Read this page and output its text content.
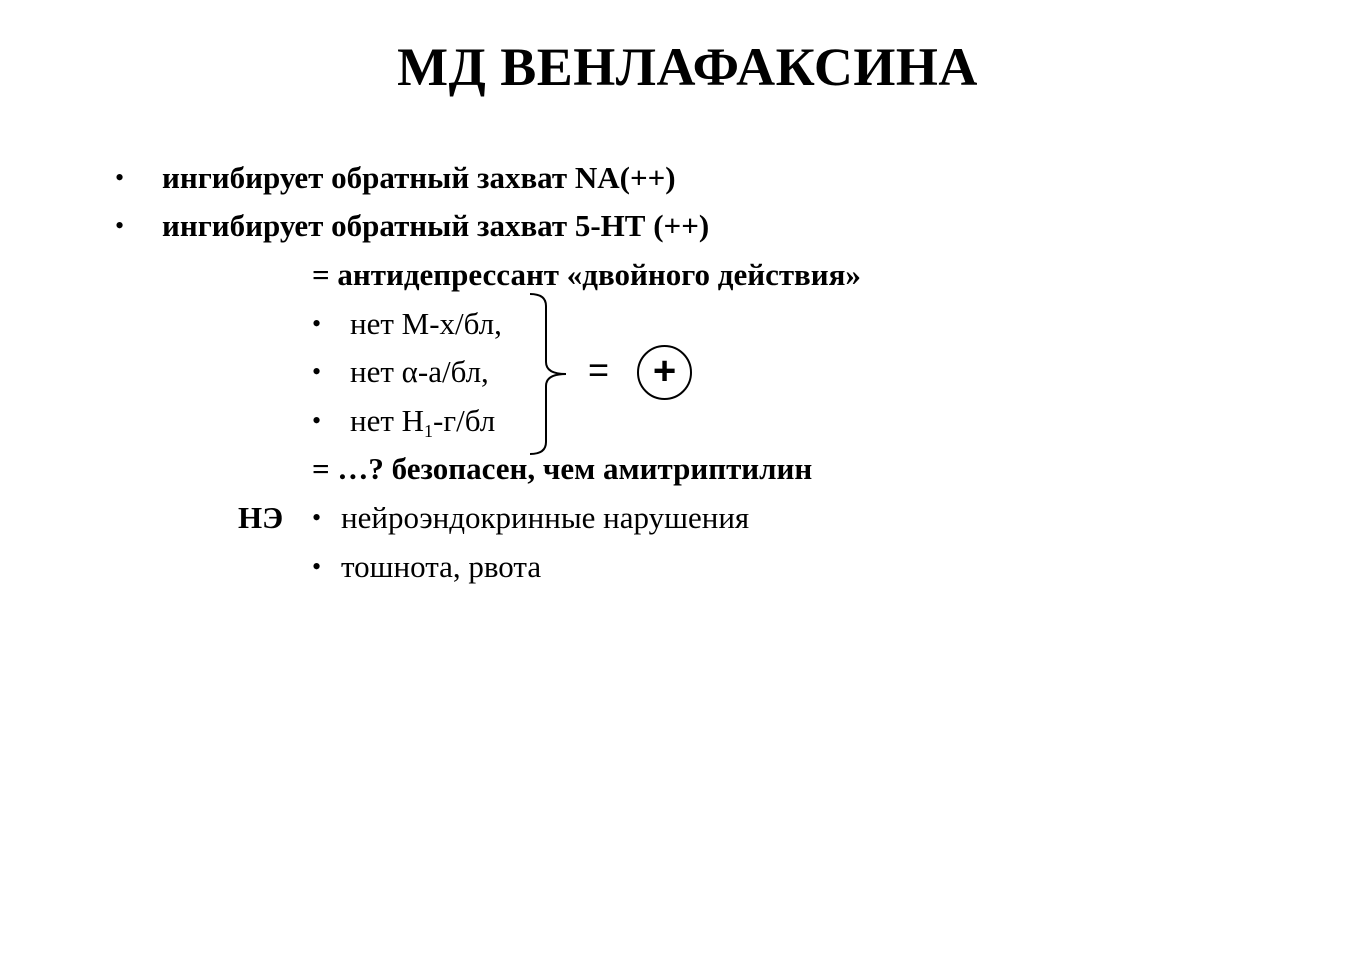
МД ВЕНЛАФАКСИНА
• ингибирует обратный захват NA(++)
• ингибирует обратный захват 5-НТ (++)
= антидепрессант «двойного действия»
• нет М-х/бл,
• нет α-а/бл,
• нет $Н_1-г/бл$
=	+
= …? безопасен, чем амитриптилин
НЭ • нейроэндокринные нарушения
• тошнота, рвота
